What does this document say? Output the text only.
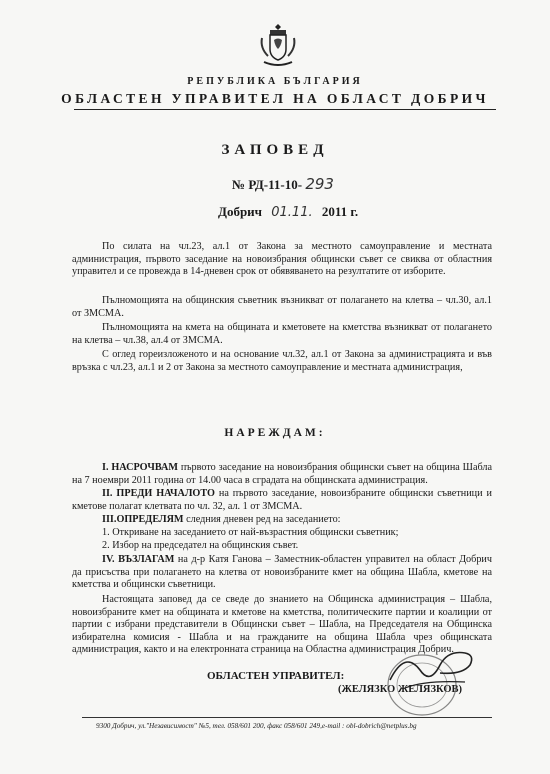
РЕПУБЛИКА БЪЛГАРИЯ
ОБЛАСТЕН УПРАВИТЕЛ НА ОБЛАСТ ДОБРИЧ
ЗАПОВЕД
№ РД-11-10- 293
Добрич 01.11. 2011 г.
По силата на чл.23, ал.1 от Закона за местното самоуправление и местната администрация, първото заседание на новоизбрания общински съвет се свиква от областния управител и се провежда в 14-дневен срок от обявяването на резултатите от изборите.
Пълномощията на общинския съветник възникват от полагането на клетва – чл.30, ал.1 от ЗМСМА.
Пълномощията на кмета на общината и кметовете на кметства възникват от полагането на клетва – чл.38, ал.4 от ЗМСМА.
С оглед гореизложеното и на основание чл.32, ал.1 от Закона за администрацията и във връзка с чл.23, ал.1 и 2 от Закона за местното самоуправление и местната администрация,
НАРЕЖДАМ:
I. НАСРОЧВАМ първото заседание на новоизбрания общински съвет на община Шабла на 7 ноември 2011 година от 14.00 часа в сградата на общинската администрация.
II. ПРЕДИ НАЧАЛОТО на първото заседание, новоизбраните общински съветници и кметове полагат клетвата по чл. 32, ал. 1 от ЗМСМА.
III.ОПРЕДЕЛЯМ следния дневен ред на заседанието:
1. Откриване на заседанието от най-възрастния общински съветник;
2. Избор на председател на общинския съвет.
IV. ВЪЗЛАГАМ на д-р Катя Ганова – Заместник-областен управител на област Добрич да присъства при полагането на клетва от новоизбраните кмет на община Шабла, кметове на кметства и общински съветници.
Настоящата заповед да се сведе до знанието на Общинска администрация – Шабла, новоизбраните кмет на общината и кметове на кметства, политическите партии и коалиции от партии с избрани представители в Общински съвет – Шабла, на Председателя на Общинска избирателна комисия - Шабла и на гражданите на община Шабла чрез общинската администрация, както и на електронната страница на Областна администрация Добрич.
ОБЛАСТЕН УПРАВИТЕЛ:
(ЖЕЛЯЗКО ЖЕЛЯЗКОВ)
9300 Добрич, ул."Независимост" №5, тел. 058/601 200, факс 058/601 249,e-mail : obl-dobrich@netplus.bg
